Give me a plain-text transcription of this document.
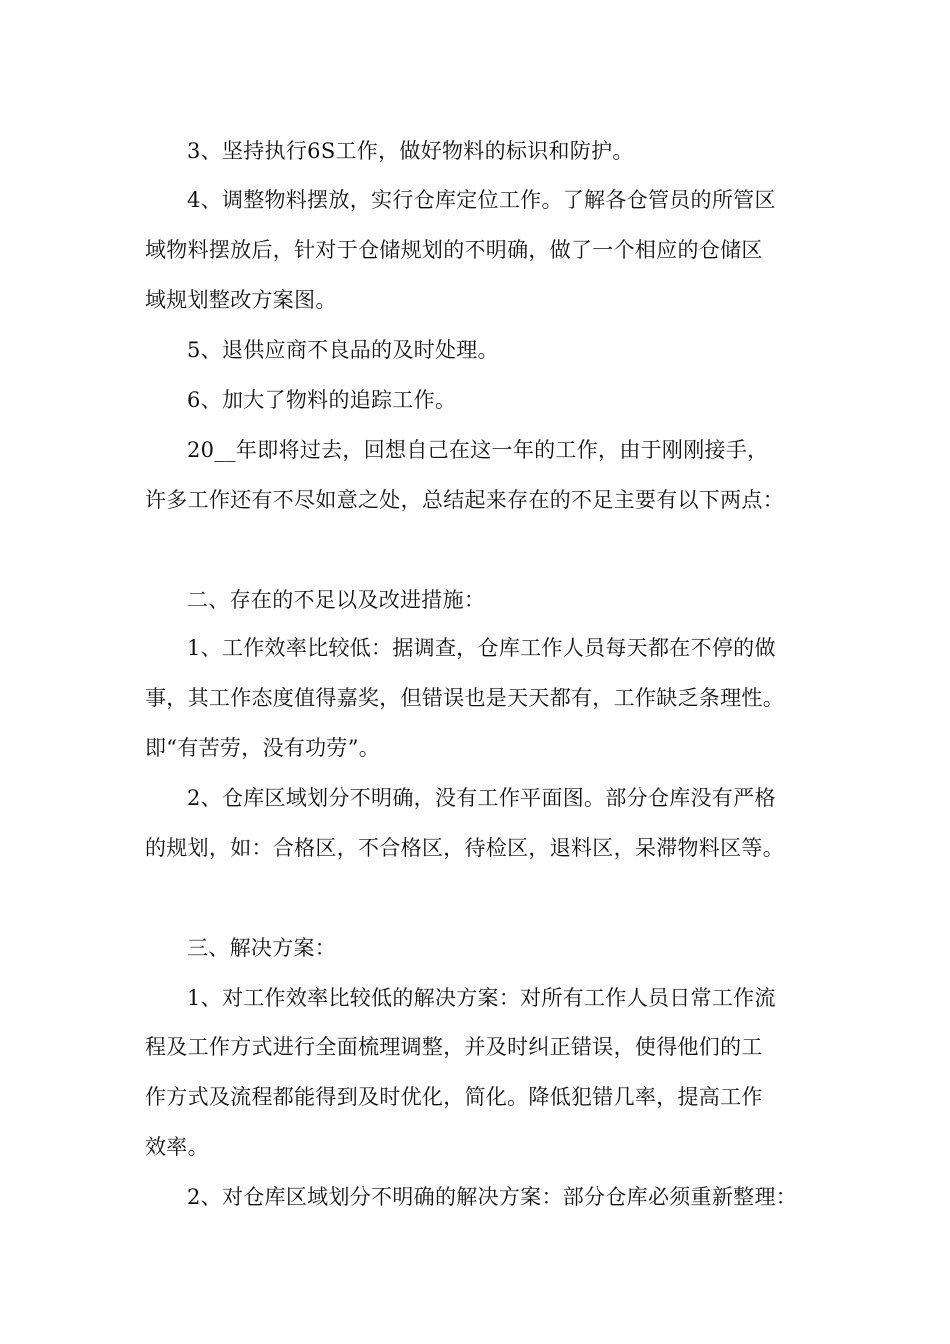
3、坚持执行6S工作，做好物料的标识和防护。
4、调整物料摆放，实行仓库定位工作。了解各仓管员的所管区
域物料摆放后，针对于仓储规划的不明确，做了一个相应的仓储区
域规划整改方案图。
5、退供应商不良品的及时处理。
6、加大了物料的追踪工作。
20__年即将过去，回想自己在这一年的工作，由于刚刚接手，
许多工作还有不尽如意之处，总结起来存在的不足主要有以下两点：
二、存在的不足以及改进措施：
1、工作效率比较低：据调查，仓库工作人员每天都在不停的做
事，其工作态度值得嘉奖，但错误也是天天都有，工作缺乏条理性。
即“有苦劳，没有功劳”。
2、仓库区域划分不明确，没有工作平面图。部分仓库没有严格
的规划，如：合格区，不合格区，待检区，退料区，呆滞物料区等。
三、解决方案：
1、对工作效率比较低的解决方案：对所有工作人员日常工作流
程及工作方式进行全面梳理调整，并及时纠正错误，使得他们的工
作方式及流程都能得到及时优化，简化。降低犯错几率，提高工作
效率。
2、对仓库区域划分不明确的解决方案：部分仓库必须重新整理：
